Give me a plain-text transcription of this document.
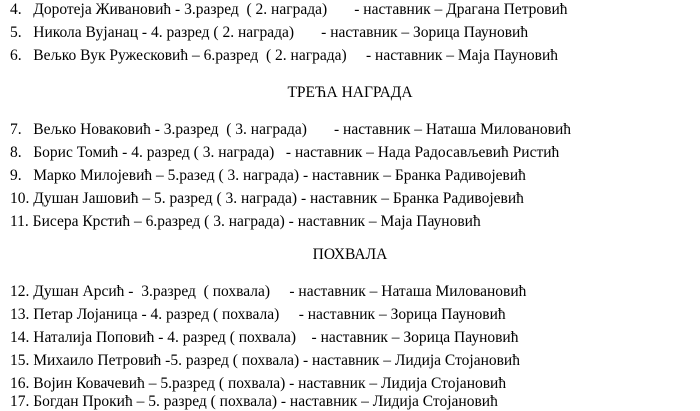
4.   Доротеја Живановић - 3.разред  ( 2. награда)       - наставник – Драгана Петровић
5.   Никола Вујанац - 4. разред ( 2. награда)       - наставник – Зорица Пауновић
6.   Вељко Вук Ружесковић – 6.разред  ( 2. награда)     - наставник – Маја Пауновић
ТРЕЋА НАГРАДА
7.   Вељко Новаковић - 3.разред  ( 3. награда)       - наставник – Наташа Миловановић
8.   Борис Томић - 4. разред ( 3. награда)   - наставник – Нада Радосављевић Ристић
9.   Марко Милојевић – 5.разед ( 3. награда) - наставник – Бранка Радивојевић
10. Душан Јашовић – 5. разред ( 3. награда) - наставник – Бранка Радивојевић
11. Бисера Крстић – 6.разред ( 3. награда) - наставник – Маја Пауновић
ПОХВАЛА
12. Душан Арсић -  3.разред  ( похвала)     - наставник – Наташа Миловановић
13. Петар Лојаница - 4. разред ( похвала)     - наставник – Зорица Пауновић
14. Наталија Поповић - 4. разред ( похвала)    - наставник – Зорица Пауновић
15. Михаило Петровић -5. разред ( похвала) - наставник – Лидија Стојановић
16. Војин Ковачевић – 5.разред ( похвала) - наставник – Лидија Стојановић
17. Богдан Прокић – 5. разред ( похвала) - наставник – Лидија Стојановић
